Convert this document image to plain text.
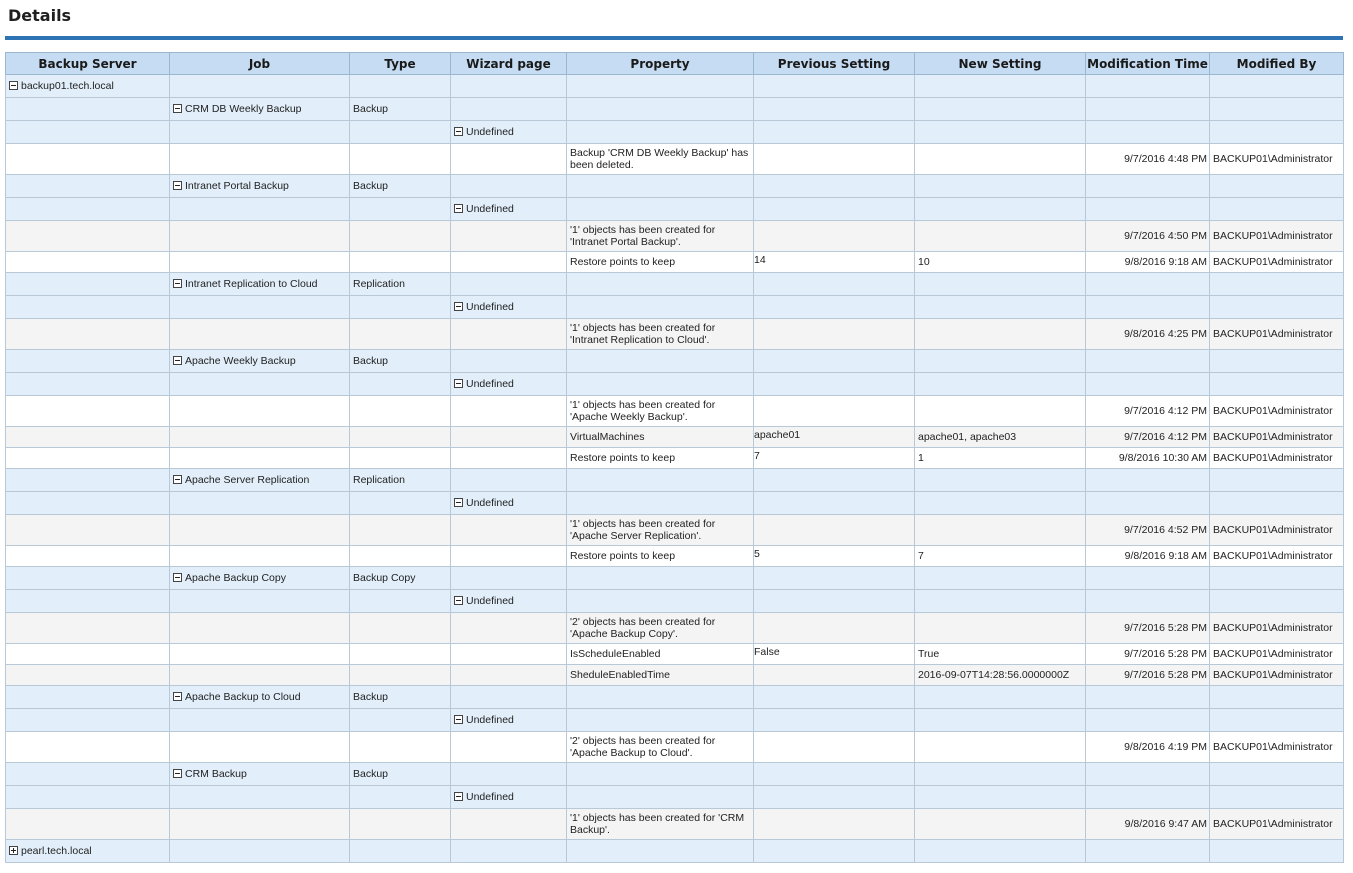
Details
Backup Server	Job	Type	Wizard page	Property	Previous Setting	New Setting	Modification Time	Modified By
backup01.tech.local								
	CRM DB Weekly Backup	Backup						
			Undefined					
				Backup 'CRM DB Weekly Backup' has been deleted.			9/7/2016 4:48 PM	BACKUP01\Administrator
	Intranet Portal Backup	Backup						
			Undefined					
				'1' objects has been created for 'Intranet Portal Backup'.			9/7/2016 4:50 PM	BACKUP01\Administrator
				Restore points to keep	14	10	9/8/2016 9:18 AM	BACKUP01\Administrator
	Intranet Replication to Cloud	Replication						
			Undefined					
				'1' objects has been created for 'Intranet Replication to Cloud'.			9/8/2016 4:25 PM	BACKUP01\Administrator
	Apache Weekly Backup	Backup						
			Undefined					
				'1' objects has been created for 'Apache Weekly Backup'.			9/7/2016 4:12 PM	BACKUP01\Administrator
				VirtualMachines	apache01	apache01, apache03	9/7/2016 4:12 PM	BACKUP01\Administrator
				Restore points to keep	7	1	9/8/2016 10:30 AM	BACKUP01\Administrator
	Apache Server Replication	Replication						
			Undefined					
				'1' objects has been created for 'Apache Server Replication'.			9/7/2016 4:52 PM	BACKUP01\Administrator
				Restore points to keep	5	7	9/8/2016 9:18 AM	BACKUP01\Administrator
	Apache Backup Copy	Backup Copy						
			Undefined					
				'2' objects has been created for 'Apache Backup Copy'.			9/7/2016 5:28 PM	BACKUP01\Administrator
				IsScheduleEnabled	False	True	9/7/2016 5:28 PM	BACKUP01\Administrator
				SheduleEnabledTime		2016-09-07T14:28:56.0000000Z	9/7/2016 5:28 PM	BACKUP01\Administrator
	Apache Backup to Cloud	Backup						
			Undefined					
				'2' objects has been created for 'Apache Backup to Cloud'.			9/8/2016 4:19 PM	BACKUP01\Administrator
	CRM Backup	Backup						
			Undefined					
				'1' objects has been created for 'CRM Backup'.			9/8/2016 9:47 AM	BACKUP01\Administrator
pearl.tech.local								
